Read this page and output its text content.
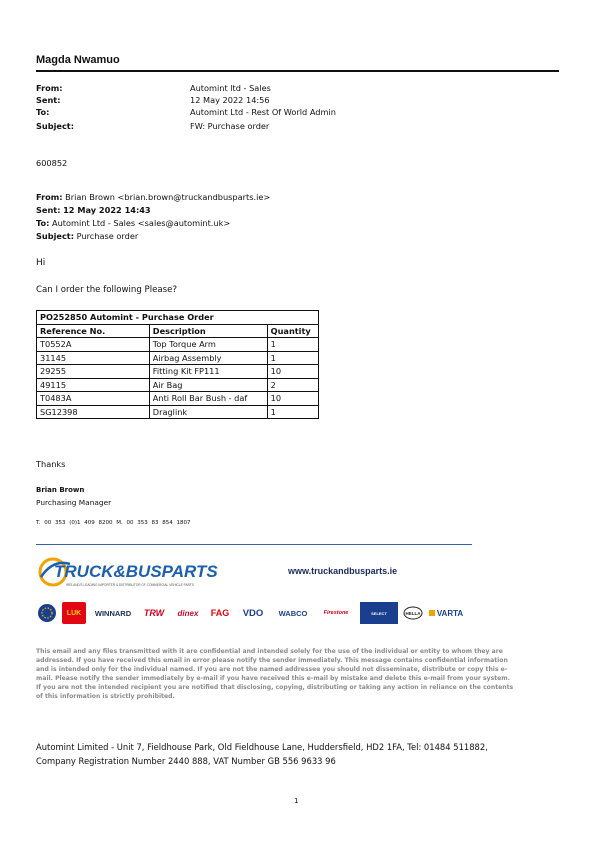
Magda Nwamuo
From:	Automint ltd - Sales
Sent:	12 May 2022 14:56
To:	Automint Ltd - Rest Of World Admin
Subject:	FW: Purchase order
600852
From: Brian Brown <brian.brown@truckandbusparts.ie>
Sent: 12 May 2022 14:43
To: Automint Ltd - Sales <sales@automint.uk>
Subject: Purchase order
Hi
Can I order the following Please?
PO252850 Automint - Purchase Order		
Reference No.	Description	Quantity
T0552A	Top Torque Arm	1
31145	Airbag Assembly	1
29255	Fitting Kit FP111	10
49115	Air Bag	2
T0483A	Anti Roll Bar Bush - daf	10
SG12398	Draglink	1
Thanks
Brian Brown
Purchasing Manager
T. 00 353 (0)1 409 8200 M. 00 353 83 854 1807
TRUCK&BUSPARTS
IRELAND'S LEADING IMPORTER & DISTRIBUTOR OF COMMERCIAL VEHICLE PARTS
www.truckandbusparts.ie
LUK	WINNARD	TRW	dinex	FAG	VDO	WABCO	Firestone	SELECT	HELLA VARTA
This email and any files transmitted with it are confidential and intended solely for the use of the individual or entity to whom they are addressed. If you have received this email in error please notify the sender immediately. This message contains confidential information and is intended only for the individual named. If you are not the named addressee you should not disseminate, distribute or copy this e-mail. Please notify the sender immediately by e-mail if you have received this e-mail by mistake and delete this e-mail from your system. If you are not the intended recipient you are notified that disclosing, copying, distributing or taking any action in reliance on the contents of this information is strictly prohibited.
Automint Limited - Unit 7, Fieldhouse Park, Old Fieldhouse Lane, Huddersfield, HD2 1FA, Tel: 01484 511882,
Company Registration Number 2440 888, VAT Number GB 556 9633 96
1
